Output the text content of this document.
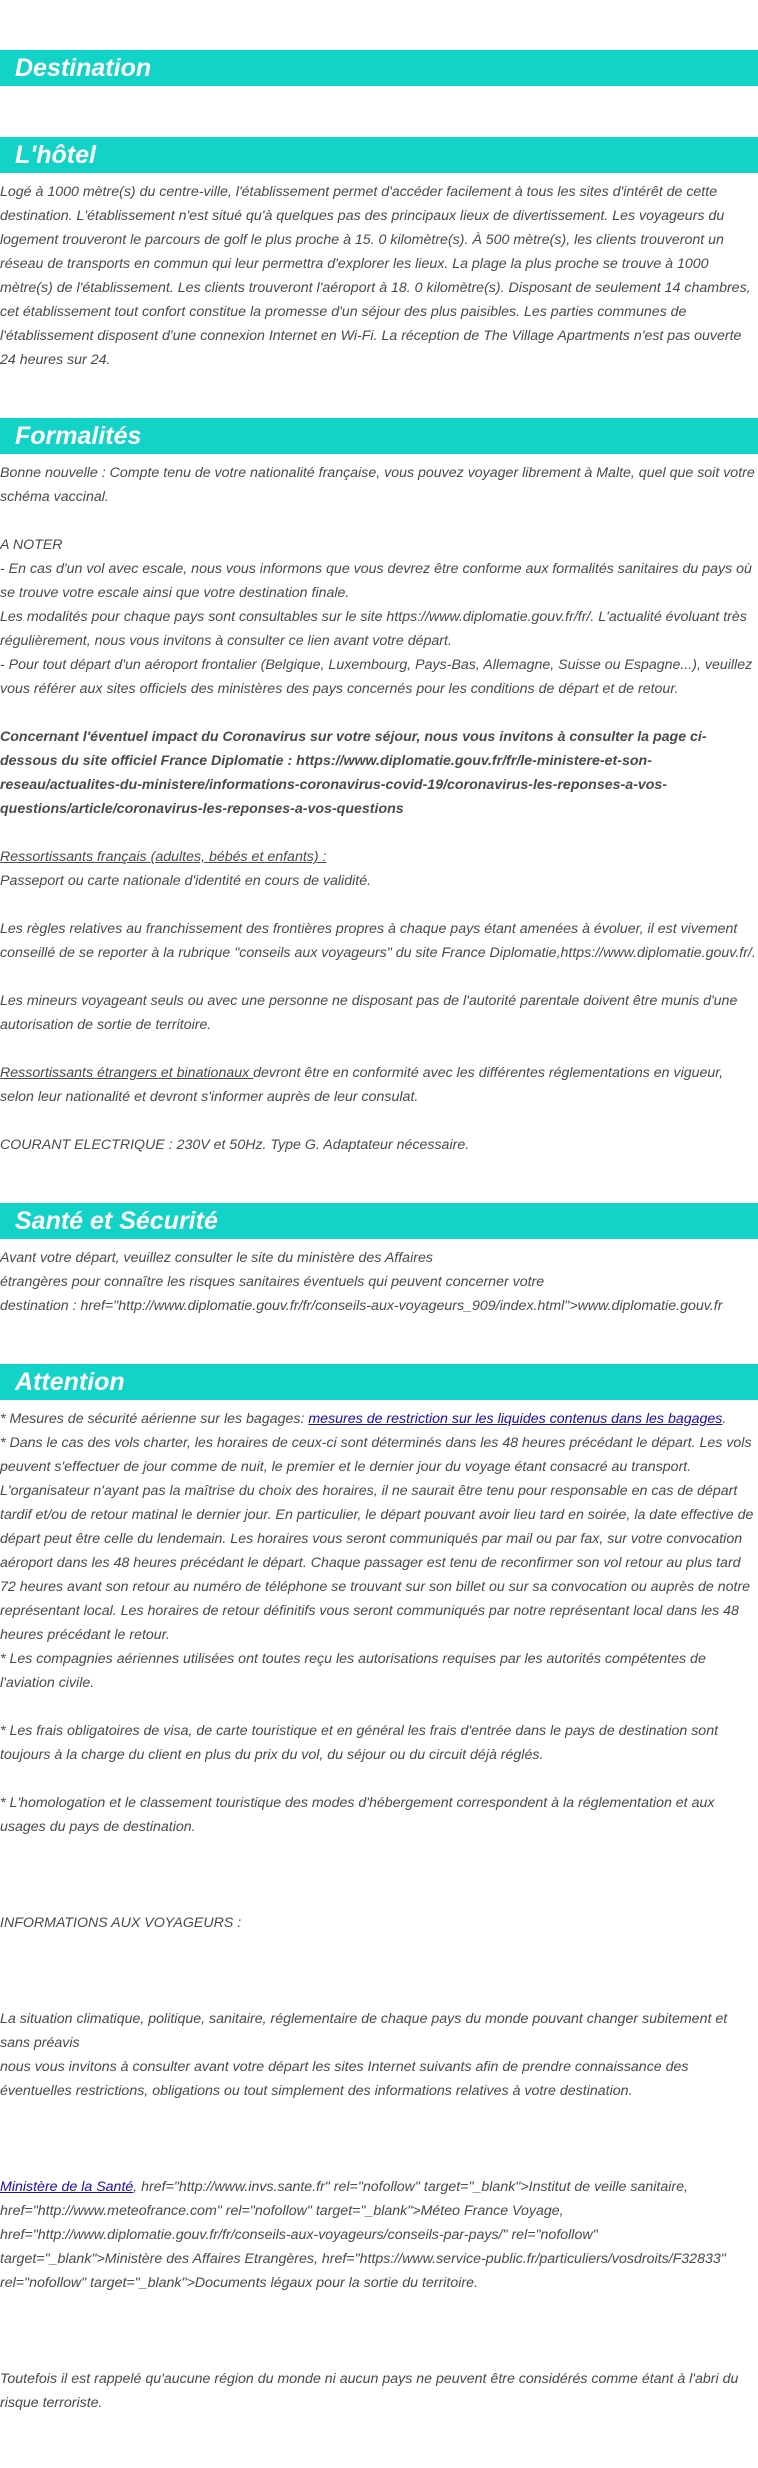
Destination
L'hôtel

Logé à 1000 mètre(s) du centre-ville, l'établissement permet d'accéder facilement à tous les sites d'intérêt de cette destination. L'établissement n'est situé qu'à quelques pas des principaux lieux de divertissement. Les voyageurs du logement trouveront le parcours de golf le plus proche à 15. 0 kilomètre(s). À 500 mètre(s), les clients trouveront un réseau de transports en commun qui leur permettra d'explorer les lieux. La plage la plus proche se trouve à 1000 mètre(s) de l'établissement. Les clients trouveront l'aéroport à 18. 0 kilomètre(s). Disposant de seulement 14 chambres, cet établissement tout confort constitue la promesse d'un séjour des plus paisibles. Les parties communes de l'établissement disposent d'une connexion Internet en Wi-Fi. La réception de The Village Apartments n'est pas ouverte 24 heures sur 24.

Formalités

Bonne nouvelle : Compte tenu de votre nationalité française, vous pouvez voyager librement à Malte, quel que soit votre schéma vaccinal.

A NOTER

- En cas d'un vol avec escale, nous vous informons que vous devrez être conforme aux formalités sanitaires du pays où se trouve votre escale ainsi que votre destination finale.

Les modalités pour chaque pays sont consultables sur le site https://www.diplomatie.gouv.fr/fr/. L'actualité évoluant très régulièrement, nous vous invitons à consulter ce lien avant votre départ.

- Pour tout départ d'un aéroport frontalier (Belgique, Luxembourg, Pays-Bas, Allemagne, Suisse ou Espagne...), veuillez vous référer aux sites officiels des ministères des pays concernés pour les conditions de départ et de retour.

Concernant l'éventuel impact du Coronavirus sur votre séjour, nous vous invitons à consulter la page ci-dessous du site officiel France Diplomatie : https://www.diplomatie.gouv.fr/fr/le-ministere-et-son-reseau/actualites-du-ministere/informations-coronavirus-covid-19/coronavirus-les-reponses-a-vos-questions/article/coronavirus-les-reponses-a-vos-questions

Ressortissants français (adultes, bébés et enfants) :

Passeport ou carte nationale d'identité en cours de validité.

Les règles relatives au franchissement des frontières propres à chaque pays étant amenées à évoluer, il est vivement conseillé de se reporter à la rubrique "conseils aux voyageurs" du site France Diplomatie,https://www.diplomatie.gouv.fr/.

Les mineurs voyageant seuls ou avec une personne ne disposant pas de l'autorité parentale doivent être munis d'une autorisation de sortie de territoire.

Ressortissants étrangers et binationaux devront être en conformité avec les différentes réglementations en vigueur, selon leur nationalité et devront s'informer auprès de leur consulat.

COURANT ELECTRIQUE : 230V et 50Hz. Type G. Adaptateur nécessaire.

Santé et Sécurité

Avant votre départ, veuillez consulter le site du ministère des Affaires

étrangères pour connaître les risques sanitaires éventuels qui peuvent concerner votre

destination : href="http://www.diplomatie.gouv.fr/fr/conseils-aux-voyageurs_909/index.html">www.diplomatie.gouv.fr

Attention

* Mesures de sécurité aérienne sur les bagages: mesures de restriction sur les liquides contenus dans les bagages.

* Dans le cas des vols charter, les horaires de ceux-ci sont déterminés dans les 48 heures précédant le départ. Les vols peuvent s'effectuer de jour comme de nuit, le premier et le dernier jour du voyage étant consacré au transport. L'organisateur n'ayant pas la maîtrise du choix des horaires, il ne saurait être tenu pour responsable en cas de départ tardif et/ou de retour matinal le dernier jour. En particulier, le départ pouvant avoir lieu tard en soirée, la date effective de départ peut être celle du lendemain. Les horaires vous seront communiqués par mail ou par fax, sur votre convocation aéroport dans les 48 heures précédant le départ. Chaque passager est tenu de reconfirmer son vol retour au plus tard 72 heures avant son retour au numéro de téléphone se trouvant sur son billet ou sur sa convocation ou auprès de notre représentant local. Les horaires de retour définitifs vous seront communiqués par notre représentant local dans les 48 heures précédant le retour.

* Les compagnies aériennes utilisées ont toutes reçu les autorisations requises par les autorités compétentes de l'aviation civile.

* Les frais obligatoires de visa, de carte touristique et en général les frais d'entrée dans le pays de destination sont toujours à la charge du client en plus du prix du vol, du séjour ou du circuit déjà réglés.

* L'homologation et le classement touristique des modes d'hébergement correspondent à la réglementation et aux usages du pays de destination.

INFORMATIONS AUX VOYAGEURS :

La situation climatique, politique, sanitaire, réglementaire de chaque pays du monde pouvant changer subitement et sans préavis

nous vous invitons à consulter avant votre départ les sites Internet suivants afin de prendre connaissance des éventuelles restrictions, obligations ou tout simplement des informations relatives à votre destination.

Ministère de la Santé, href="http://www.invs.sante.fr" rel="nofollow" target="_blank">Institut de veille sanitaire, href="http://www.meteofrance.com" rel="nofollow" target="_blank">Méteo France Voyage, href="http://www.diplomatie.gouv.fr/fr/conseils-aux-voyageurs/conseils-par-pays/" rel="nofollow" target="_blank">Ministère des Affaires Etrangères, href="https://www.service-public.fr/particuliers/vosdroits/F32833" rel="nofollow" target="_blank">Documents légaux pour la sortie du territoire.

Toutefois il est rappelé qu'aucune région du monde ni aucun pays ne peuvent être considérés comme étant à l'abri du risque terroriste.
